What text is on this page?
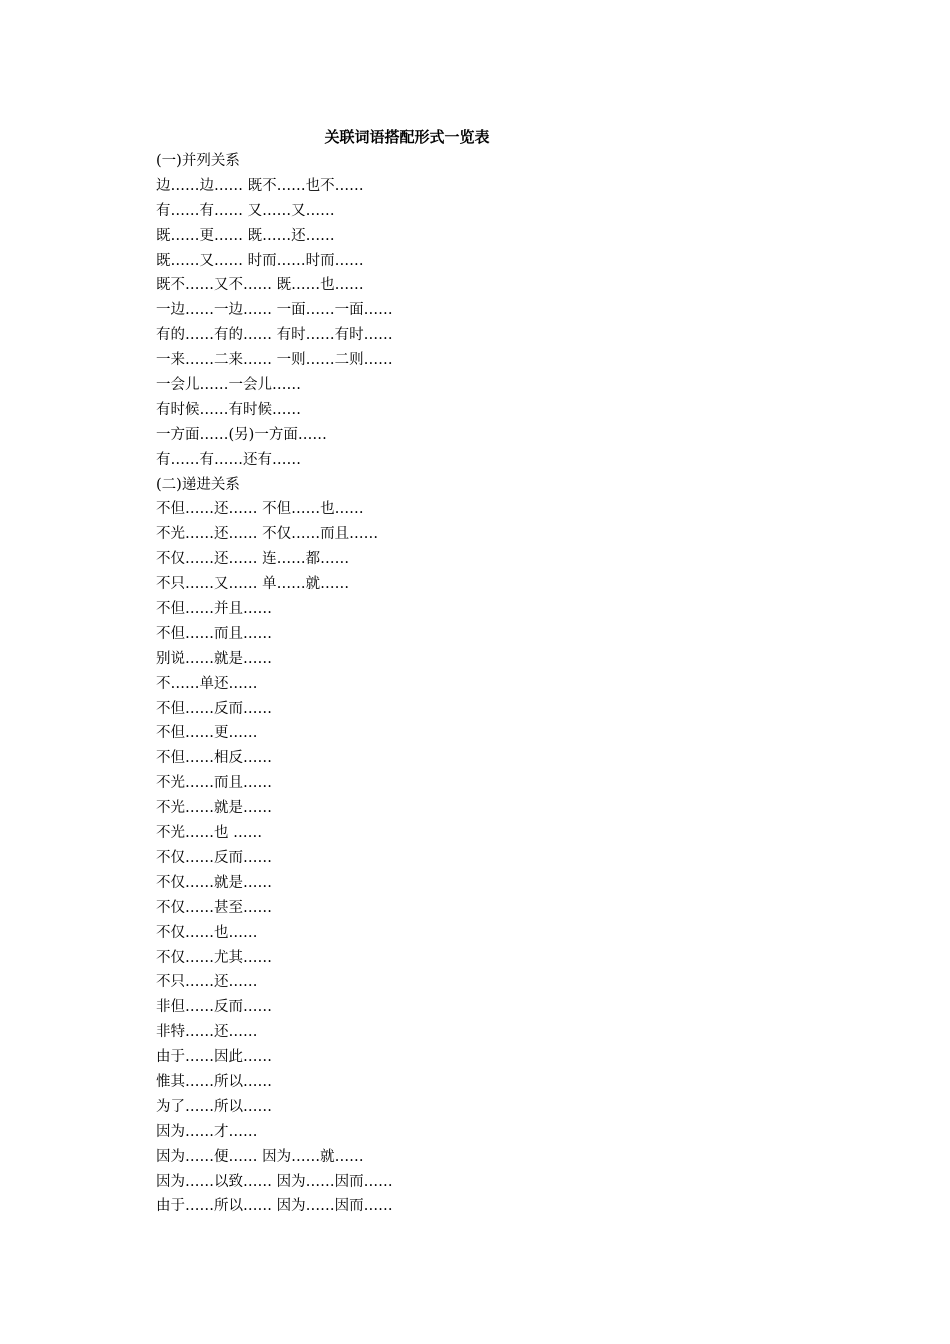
关联词语搭配形式一览表
(一)并列关系
边……边…… 既不……也不……
有……有…… 又……又……
既……更…… 既……还……
既……又…… 时而……时而……
既不……又不…… 既……也……
一边……一边…… 一面……一面……
有的……有的…… 有时……有时……
一来……二来…… 一则……二则……
一会儿……一会儿……
有时候……有时候……
一方面……(另)一方面……
有……有……还有……
(二)递进关系
不但……还…… 不但……也……
不光……还…… 不仅……而且……
不仅……还…… 连……都……
不只……又…… 单……就……
不但……并且……
不但……而且……
别说……就是……
不……单还……
不但……反而……
不但……更……
不但……相反……
不光……而且……
不光……就是……
不光……也 ……
不仅……反而……
不仅……就是……
不仅……甚至……
不仅……也……
不仅……尤其……
不只……还……
非但……反而……
非特……还……
由于……因此……
惟其……所以……
为了……所以……
因为……才……
因为……便…… 因为……就……
因为……以致…… 因为……因而……
由于……所以…… 因为……因而……
